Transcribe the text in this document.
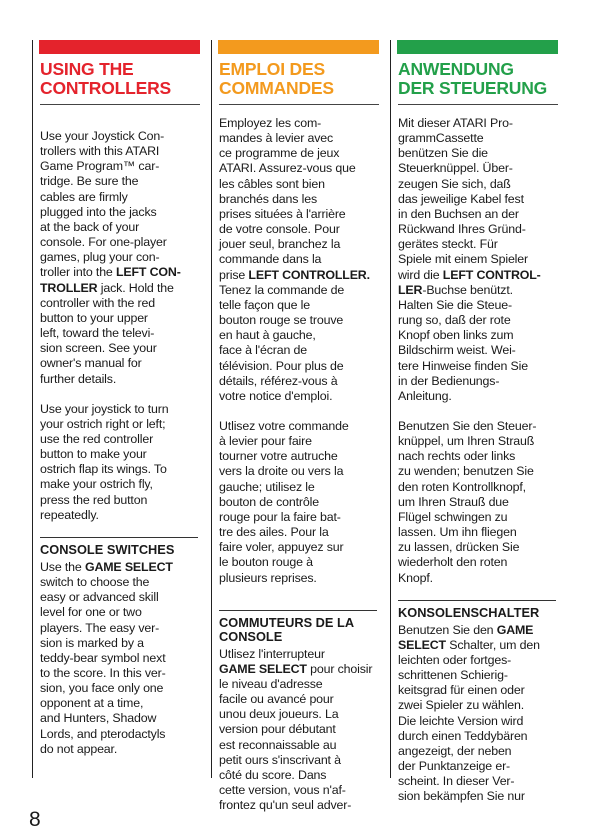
USING THE
CONTROLLERS
Use your Joystick Con-
trollers with this ATARI
Game Program™ car-
tridge. Be sure the
cables are firmly
plugged into the jacks
at the back of your
console. For one-player
games, plug your con-
troller into the LEFT CON-
TROLLER jack. Hold the
controller with the red
button to your upper
left, toward the televi-
sion screen. See your
owner's manual for
further details.
Use your joystick to turn
your ostrich right or left;
use the red controller
button to make your
ostrich flap its wings. To
make your ostrich fly,
press the red button
repeatedly.
CONSOLE SWITCHES
Use the GAME SELECT
switch to choose the
easy or advanced skill
level for one or two
players. The easy ver-
sion is marked by a
teddy-bear symbol next
to the score. In this ver-
sion, you face only one
opponent at a time,
and Hunters, Shadow
Lords, and pterodactyls
do not appear.
EMPLOI DES
COMMANDES
Employez les com-
mandes à levier avec
ce programme de jeux
ATARI. Assurez-vous que
les câbles sont bien
branchés dans les
prises situées à l'arrière
de votre console. Pour
jouer seul, branchez la
commande dans la
prise LEFT CONTROLLER.
Tenez la commande de
telle façon que le
bouton rouge se trouve
en haut à gauche,
face à l'écran de
télévision. Pour plus de
détails, référez-vous à
votre notice d'emploi.
Utlisez votre commande
à levier pour faire
tourner votre autruche
vers la droite ou vers la
gauche; utilisez le
bouton de contrôle
rouge pour la faire bat-
tre des ailes. Pour la
faire voler, appuyez sur
le bouton rouge à
plusieurs reprises.
COMMUTEURS DE LA
CONSOLE
Utlisez l'interrupteur
GAME SELECT pour choisir
le niveau d'adresse
facile ou avancé pour
unou deux joueurs. La
version pour débutant
est reconnaissable au
petit ours s'inscrivant à
côté du score. Dans
cette version, vous n'af-
frontez qu'un seul adver-
ANWENDUNG
DER STEUERUNG
Mit dieser ATARI Pro-
grammCassette
benützen Sie die
Steuerknüppel. Über-
zeugen Sie sich, daß
das jeweilige Kabel fest
in den Buchsen an der
Rückwand Ihres Gründ-
gerätes steckt. Für
Spiele mit einem Spieler
wird die LEFT CONTROL-
LER-Buchse benützt.
Halten Sie die Steue-
rung so, daß der rote
Knopf oben links zum
Bildschirm weist. Wei-
tere Hinweise finden Sie
in der Bedienungs-
Anleitung.
Benutzen Sie den Steuer-
knüppel, um Ihren Strauß
nach rechts oder links
zu wenden; benutzen Sie
den roten Kontrollknopf,
um Ihren Strauß due
Flügel schwingen zu
lassen. Um ihn fliegen
zu lassen, drücken Sie
wiederholt den roten
Knopf.
KONSOLENSCHALTER
Benutzen Sie den GAME
SELECT Schalter, um den
leichten oder fortges-
schrittenen Schierig-
keitsgrad für einen oder
zwei Spieler zu wählen.
Die leichte Version wird
durch einen Teddybären
angezeigt, der neben
der Punktanzeige er-
scheint. In dieser Ver-
sion bekämpfen Sie nur
8
